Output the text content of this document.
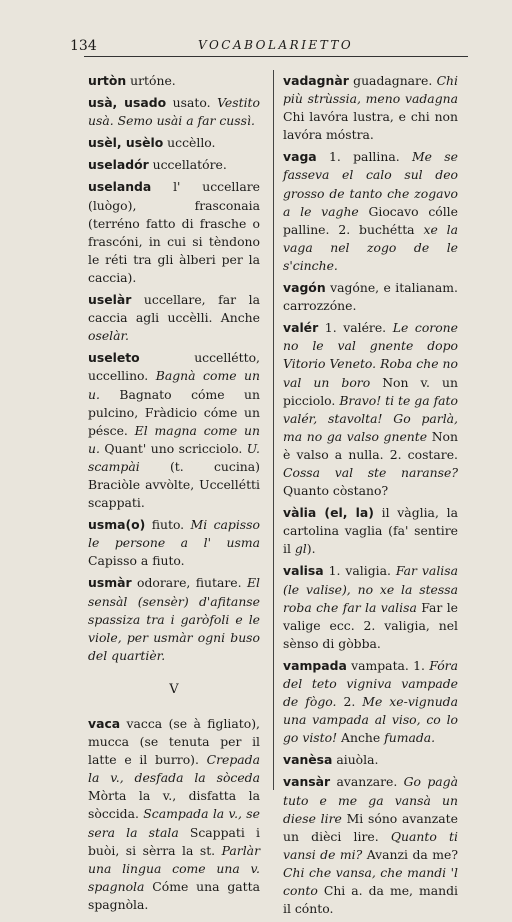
134	VOCABOLARIETTO

urtòn urtóne.

usà, usado usato. Vestito usà. Semo usài a far cussì.

usèl, usèlo uccèllo.

useladór uccellatóre.

uselanda l' uccellare (luògo), frasconaia (terréno fatto di frasche o frascóni, in cui si tèndono le réti tra gli àlberi per la caccia).

uselàr uccellare, far la caccia agli uccèlli. Anche oselàr.

useleto uccellétto, uccellino. Bagnà come un u. Bagnato cóme un pulcino, Fràdicio cóme un pésce. El magna come un u. Quant' uno scricciolo. U. scampài (t. cucina) Braciòle avvòlte, Uccellétti scappati.

usma(o) fiuto. Mi capisso le persone a l' usma Capisso a fiuto.

usmàr odorare, fiutare. El sensàl (sensèr) d'afitanse spassiza tra i garòfoli e le viole, per usmàr ogni buso del quartièr.

V

vaca vacca (se à figliato), mucca (se tenuta per il latte e il burro). Crepada la v., desfada la sòceda Mòrta la v., disfatta la sòccida. Scampada la v., se sera la stala Scappati i buòi, si sèrra la st. Parlàr una lingua come una v. spagnola Cóme una gatta spagnòla.

vadagnàr guadagnare. Chi più strùssia, meno vadagna Chi lavóra lustra, e chi non lavóra móstra.

vaga 1. pallina. Me se fasseva el calo sul deo grosso de tanto che zogavo a le vaghe Giocavo cólle palline. 2. buchétta xe la vaga nel zogo de le s'cinche.

vagón vagóne, e italianam. carrozzóne.

valér 1. valére. Le corone no le val gnente dopo Vitorio Veneto. Roba che no val un boro Non v. un picciolo. Bravo! ti te ga fato valér, stavolta! Go parlà, ma no ga valso gnente Non è valso a nulla. 2. costare. Cossa val ste naranse? Quanto còstano?

vàlia (el, la) il vàglia, la cartolina vaglia (fa' sentire il gl).

valisa 1. valigia. Far valisa (le valise), no xe la stessa roba che far la valisa Far le valige ecc. 2. valigia, nel sènso di gòbba.

vampada vampata. 1. Fóra del teto vigniva vampade de fògo. 2. Me xe-vignuda una vampada al viso, co lo go visto! Anche fumada.

vanèsa aiuòla.

vansàr avanzare. Go pagà tuto e me ga vansà un diese lire Mi sóno avanzate un dièci lire. Quanto ti vansi de mi? Avanzi da me? Chi che vansa, che mandi 'l conto Chi a. da me, mandi il cónto.
